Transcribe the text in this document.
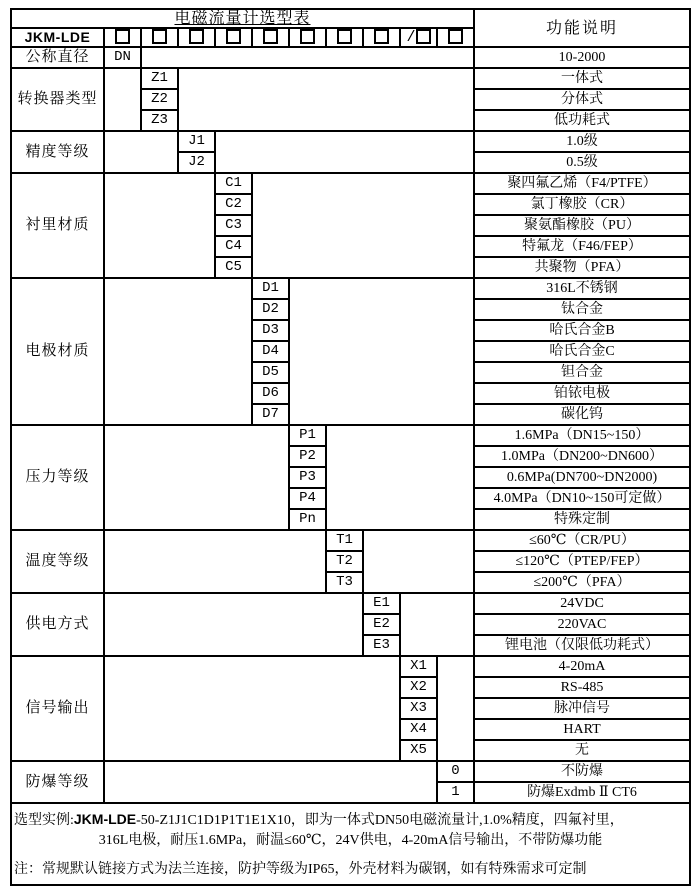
电磁流量计选型表											功能说明
JKM-LDE									/		
公称直径	DN										10-2000
转换器类型		Z1									一体式
		Z2									分体式
		Z3									低功耗式
精度等级			J1								1.0级
			J2								0.5级
衬里材质				C1							聚四氟乙烯（F4/PTFE）
				C2							氯丁橡胶（CR）
				C3							聚氨酯橡胶（PU）
				C4							特氟龙（F46/FEP）
				C5							共聚物（PFA）
电极材质					D1						316L不锈钢
					D2						钛合金
					D3						哈氏合金B
					D4						哈氏合金C
					D5						钽合金
					D6						铂铱电极
					D7						碳化钨
压力等级						P1					1.6MPa（DN15~150）
						P2					1.0MPa（DN200~DN600）
						P3					0.6MPa(DN700~DN2000)
						P4					4.0MPa（DN10~150可定做）
						Pn					特殊定制
温度等级							T1				≤60℃（CR/PU）
							T2				≤120℃（PTEP/FEP）
							T3				≤200℃（PFA）
供电方式								E1			24VDC
								E2			220VAC
								E3			锂电池（仅限低功耗式）
信号输出									X1		4-20mA
									X2		RS-485
									X3		脉冲信号
									X4		HART
									X5		无
防爆等级										0	不防爆
										1	防爆Exdmb Ⅱ CT6

选型实例:JKM-LDE-50-Z1J1C1D1P1T1E1X10，即为一体式DN50电磁流量计,1.0%精度，四氟衬里，
316L电极，耐压1.6MPa，耐温≤60℃，24V供电，4-20mA信号输出，不带防爆功能
注：常规默认链接方式为法兰连接，防护等级为IP65，外壳材料为碳钢，如有特殊需求可定制											
